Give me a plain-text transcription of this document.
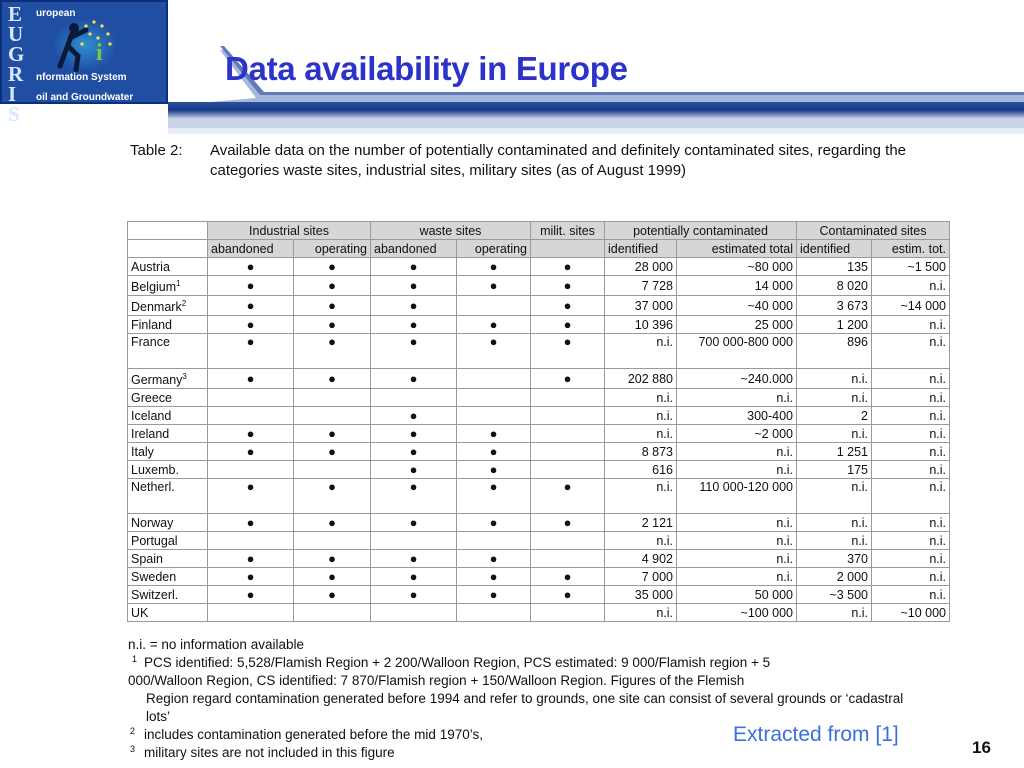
E
U
G
R
I
S
i
uropean
nformation System
oil and Groundwater
Data availability in Europe
Table 2: Available data on the number of potentially contaminated and definitely contaminated sites, regarding the categories waste sites, industrial sites, military sites (as of August 1999)
	Industrial sites		waste sites		milit. sites	potentially contaminated		Contaminated sites	
	abandoned	operating	abandoned	operating		identified	estimated total	identified	estim. tot.
Austria	●	●	●	●	●	28 000	~80 000	135	~1 500
Belgium$^1$	●	●	●	●	●	7 728	14 000	8 020	n.i.
Denmark$^2$	●	●	●		●	37 000	~40 000	3 673	~14 000
Finland	●	●	●	●	●	10 396	25 000	1 200	n.i.
France	●	●	●	●	●	n.i.	700 000-800 000	896	n.i.
Germany$^3$	●	●	●		●	202 880	~240.000	n.i.	n.i.
Greece						n.i.	n.i.	n.i.	n.i.
Iceland			●			n.i.	300-400	2	n.i.
Ireland	●	●	●	●		n.i.	~2 000	n.i.	n.i.
Italy	●	●	●	●		8 873	n.i.	1 251	n.i.
Luxemb.			●	●		616	n.i.	175	n.i.
Netherl.	●	●	●	●	●	n.i.	110 000-120 000	n.i.	n.i.
Norway	●	●	●	●	●	2 121	n.i.	n.i.	n.i.
Portugal						n.i.	n.i.	n.i.	n.i.
Spain	●	●	●	●		4 902	n.i.	370	n.i.
Sweden	●	●	●	●	●	7 000	n.i.	2 000	n.i.
Switzerl.	●	●	●	●	●	35 000	50 000	~3 500	n.i.
UK						n.i.	~100 000	n.i.	~10 000

n.i. = no information available

1 PCS identified: 5,528/Flamish Region + 2 200/Walloon Region, PCS estimated: 9 000/Flamish region + 5

000/Walloon Region, CS identified: 7 870/Flamish region + 150/Walloon Region. Figures of the Flemish

Region regard contamination generated before 1994 and refer to grounds, one site can consist of several grounds or ‘cadastral lots’

2 includes contamination generated before the mid 1970’s,

3 military sites are not included in this figure

Extracted from [1]
16
